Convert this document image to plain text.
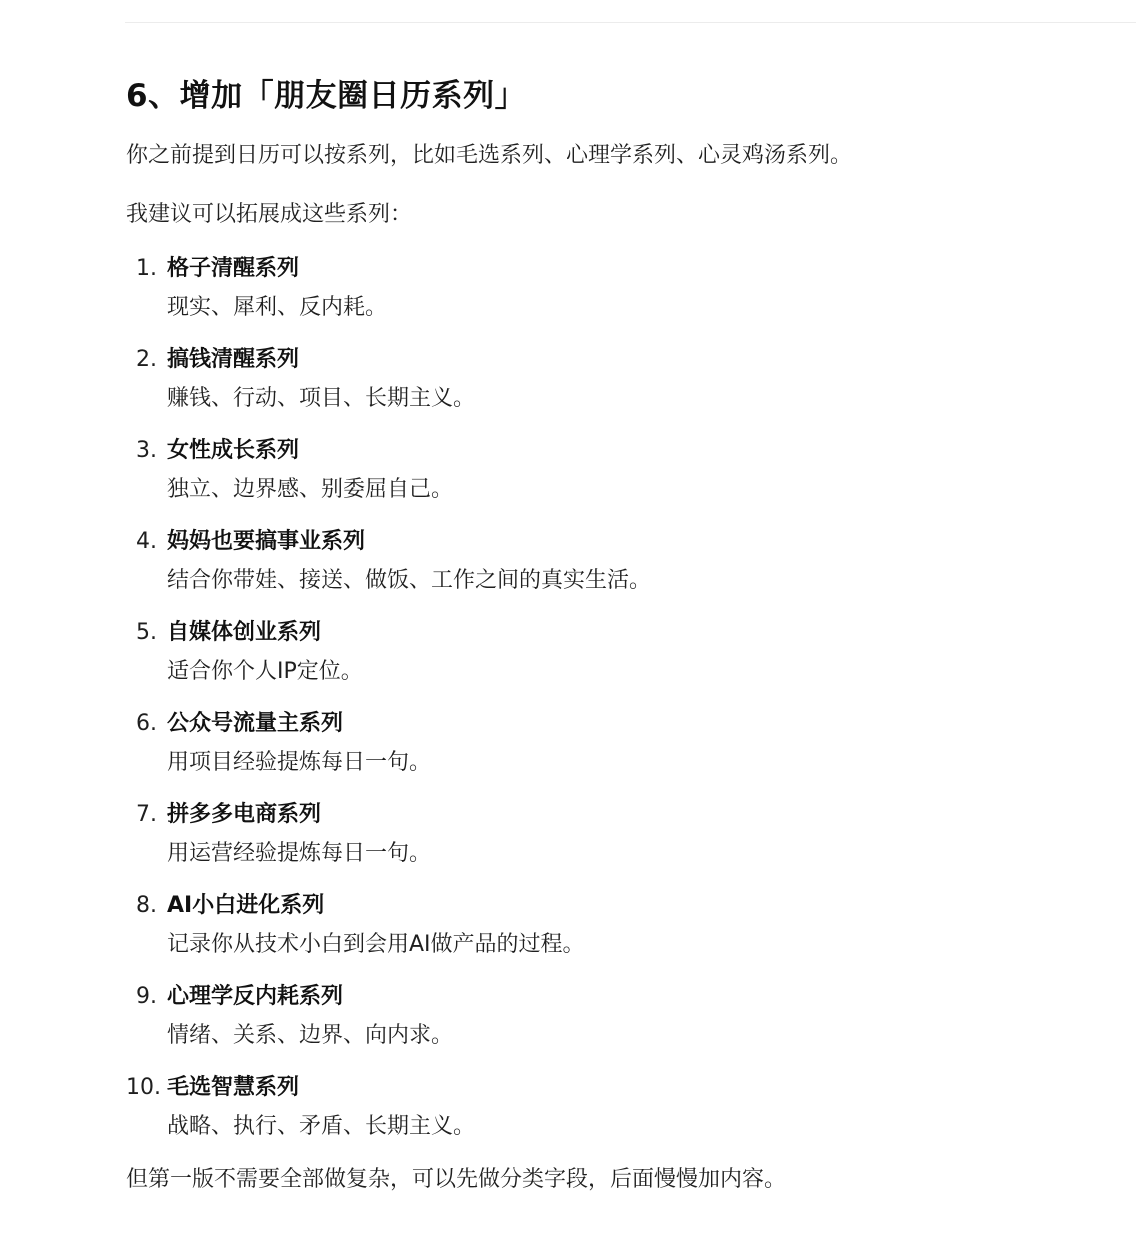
6、增加「朋友圈日历系列」

你之前提到日历可以按系列，比如毛选系列、心理学系列、心灵鸡汤系列。

我建议可以拓展成这些系列：

1. 格子清醒系列
现实、犀利、反内耗。
2. 搞钱清醒系列
赚钱、行动、项目、长期主义。
3. 女性成长系列
独立、边界感、别委屈自己。
4. 妈妈也要搞事业系列
结合你带娃、接送、做饭、工作之间的真实生活。
5. 自媒体创业系列
适合你个人IP定位。
6. 公众号流量主系列
用项目经验提炼每日一句。
7. 拼多多电商系列
用运营经验提炼每日一句。
8. AI小白进化系列
记录你从技术小白到会用AI做产品的过程。
9. 心理学反内耗系列
情绪、关系、边界、向内求。
10. 毛选智慧系列
战略、执行、矛盾、长期主义。

但第一版不需要全部做复杂，可以先做分类字段，后面慢慢加内容。
